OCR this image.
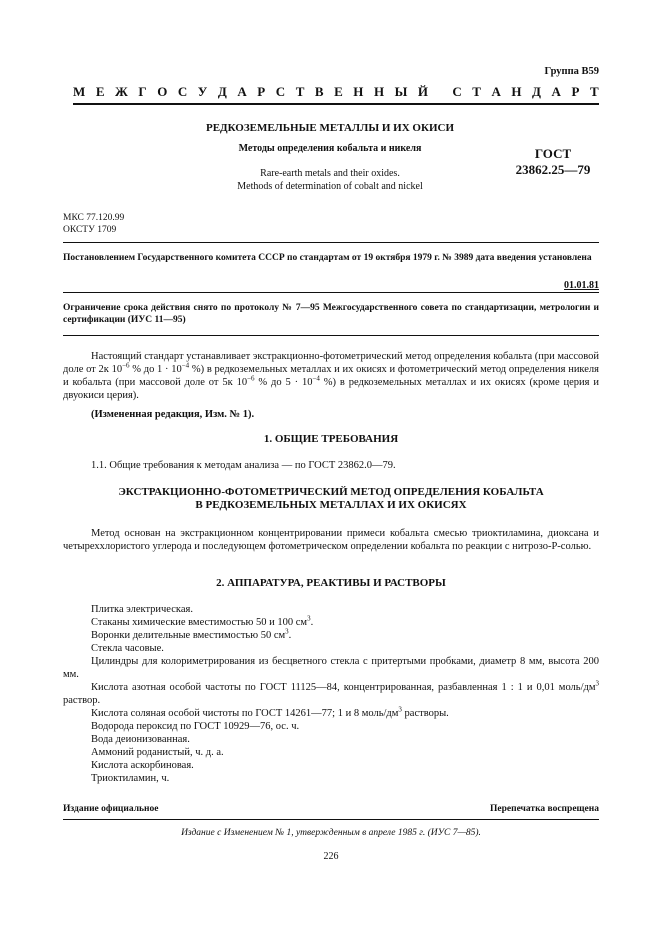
Группа В59
М Е Ж Г О С У Д А Р С Т В Е Н Н Ы Й
С Т А Н Д А Р Т
РЕДКОЗЕМЕЛЬНЫЕ МЕТАЛЛЫ И ИХ ОКИСИ
Методы определения кобальта и никеля
Rare-earth metals and their oxides.
Methods of determination of cobalt and nickel
ГОСТ
23862.25—79
МКС 77.120.99
ОКСТУ 1709
Постановлением Государственного комитета СССР по стандартам от 19 октября 1979 г. № 3989 дата введения установлена
01.01.81
Ограничение срока действия снято по протоколу № 7—95 Межгосударственного совета по стандартизации, метрологии и сертификации (ИУС 11—95)
Настоящий стандарт устанавливает экстракционно-фотометрический метод определения кобальта (при массовой доле от 2к $10^{-6}$ % до $1 \cdot 10^{-4}$ %) в редкоземельных металлах и их окисях и фотометрический метод определения никеля и кобальта (при массовой доле от 5к $10^{-6}$ % до $5 \cdot 10^{-4}$ %) в редкоземельных металлах и их окисях (кроме церия и двуокиси церия).
(Измененная редакция, Изм. № 1).
1. ОБЩИЕ ТРЕБОВАНИЯ
1.1. Общие требования к методам анализа — по ГОСТ 23862.0—79.
ЭКСТРАКЦИОННО-ФОТОМЕТРИЧЕСКИЙ МЕТОД ОПРЕДЕЛЕНИЯ КОБАЛЬТА
В РЕДКОЗЕМЕЛЬНЫХ МЕТАЛЛАХ И ИХ ОКИСЯХ
Метод основан на экстракционном концентрировании примеси кобальта смесью триоктиламина, диоксана и четыреххлористого углерода и последующем фотометрическом определении кобальта по реакции с нитрозо-Р-солью.
2. АППАРАТУРА, РЕАКТИВЫ И РАСТВОРЫ
Плитка электрическая.
Стаканы химические вместимостью 50 и 100 $см^3$.
Воронки делительные вместимостью 50 $см^3$.
Стекла часовые.
Цилиндры для колориметрирования из бесцветного стекла с притертыми пробками, диаметр 8 мм, высота 200 мм.
Кислота азотная особой частоты по ГОСТ 11125—84, концентрированная, разбавленная 1 : 1 и 0,01 моль/$дм^3$ раствор.
Кислота соляная особой чистоты по ГОСТ 14261—77; 1 и 8 моль/$дм^3$ растворы.
Водорода пероксид по ГОСТ 10929—76, ос. ч.
Вода деионизованная.
Аммоний роданистый, ч. д. а.
Кислота аскорбиновая.
Триоктиламин, ч.
Издание официальное	Перепечатка воспрещена
Издание с Изменением № 1, утвержденным в апреле 1985 г. (ИУС 7—85).
226
